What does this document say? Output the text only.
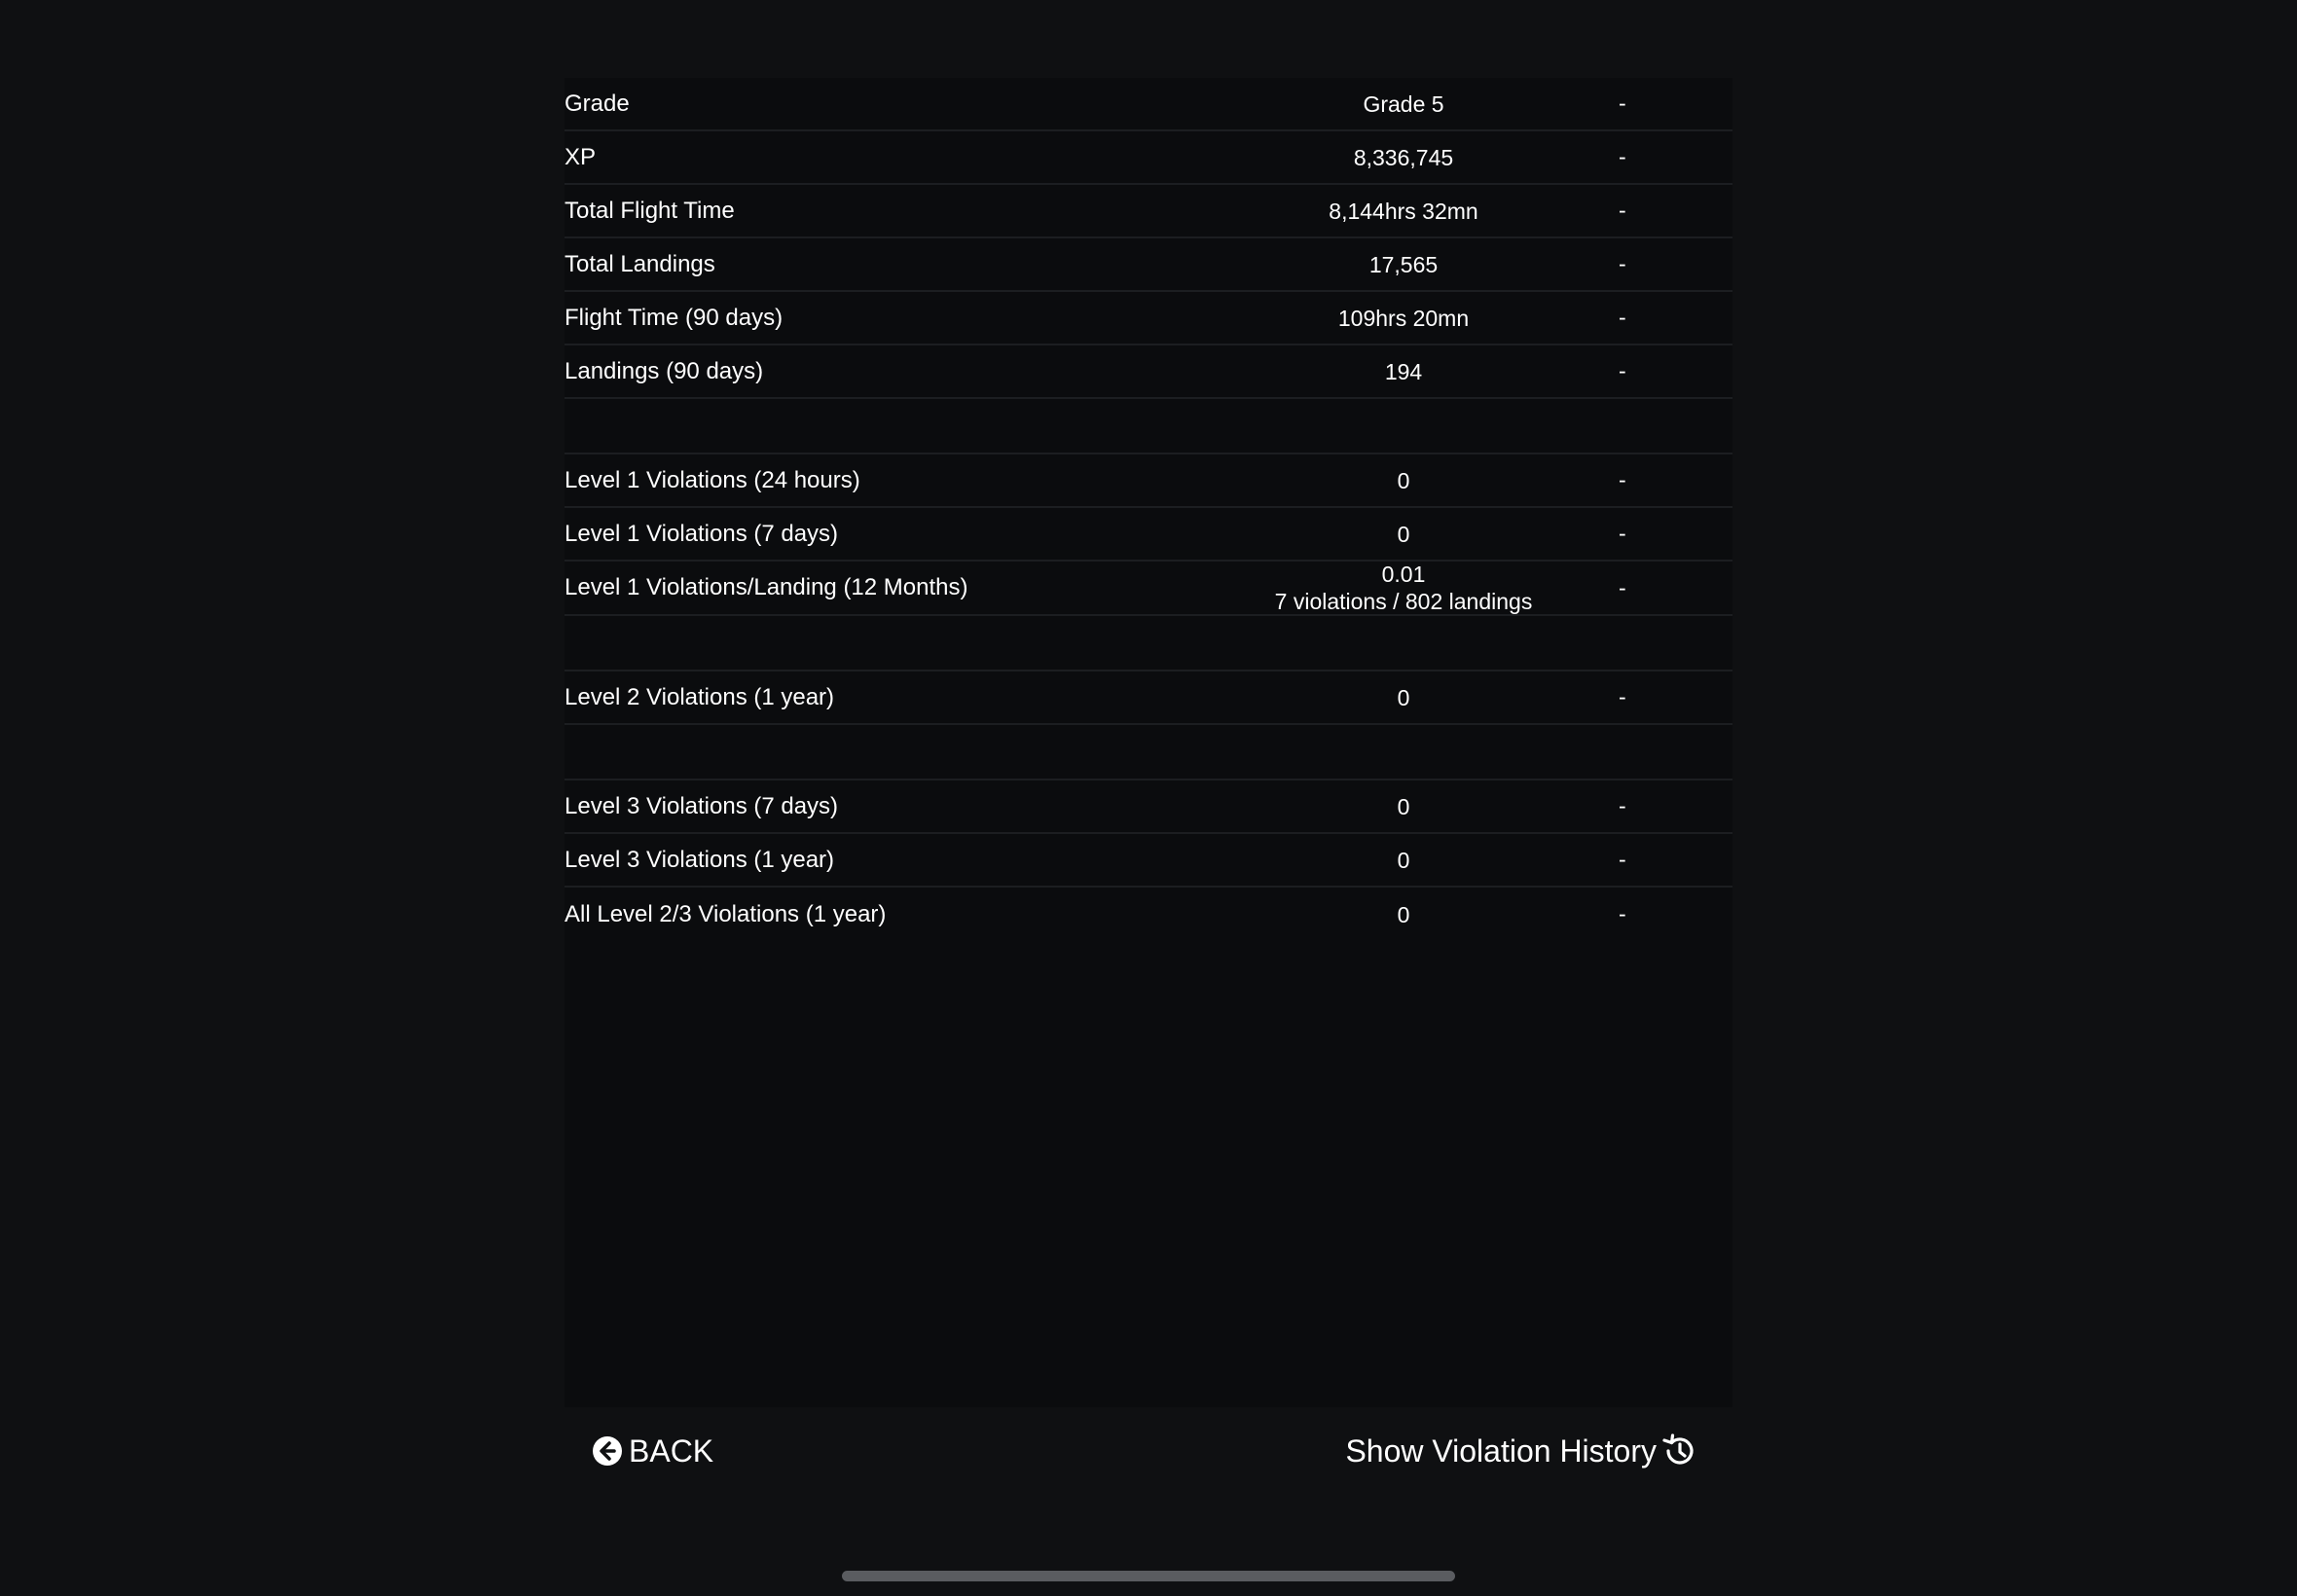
Grade	Grade 5	-
XP	8,336,745	-
Total Flight Time	8,144hrs 32mn	-
Total Landings	17,565	-
Flight Time (90 days)	109hrs 20mn	-
Landings (90 days)	194	-
Level 1 Violations (24 hours)	0	-
Level 1 Violations (7 days)	0	-
Level 1 Violations/Landing (12 Months)	0.01
7 violations / 802 landings
-
Level 2 Violations (1 year)	0	-
Level 3 Violations (7 days)	0	-
Level 3 Violations (1 year)	0	-
All Level 2/3 Violations (1 year)	0	-
BACK	Show Violation History
